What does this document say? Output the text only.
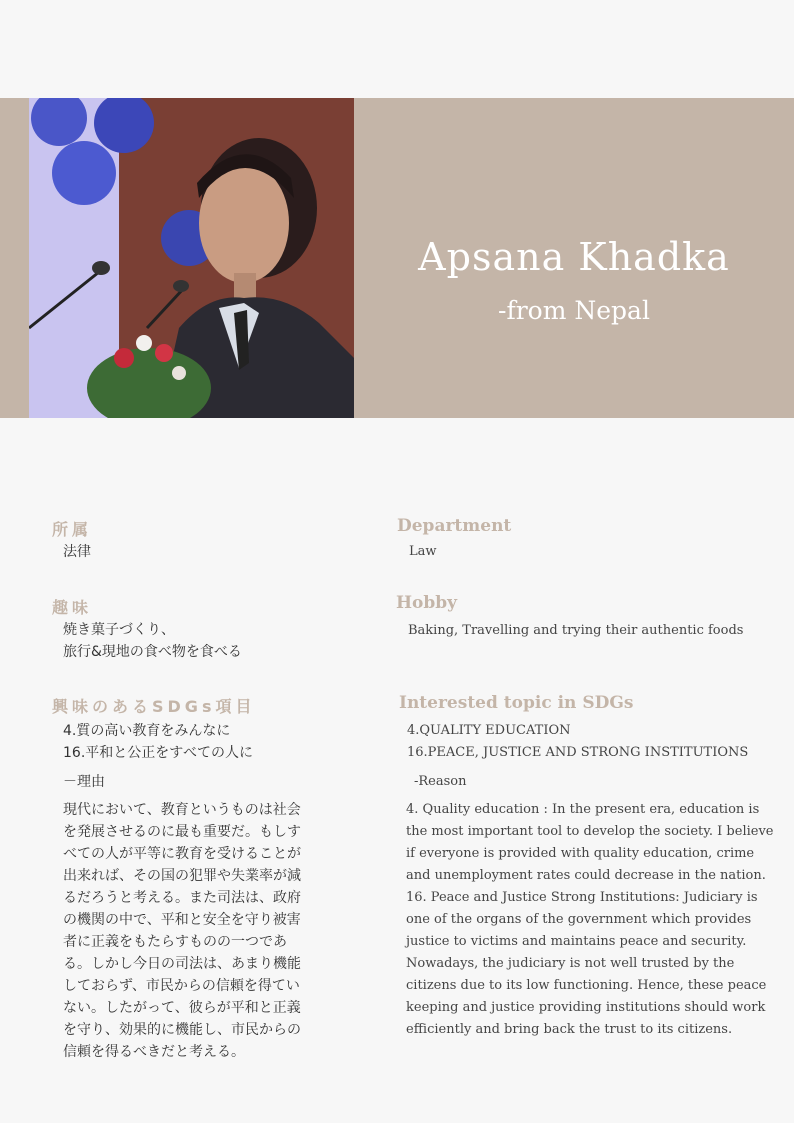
Apsana Khadka
-from Nepal
所属
法律
Department
Law
趣味
焼き菓子づくり、
旅行&現地の食べ物を食べる
Hobby
Baking, Travelling and trying their authentic foods
興味のあるSDGs項目
4.質の高い教育をみんなに
16.平和と公正をすべての人に
－理由
現代において、教育というものは社会
を発展させるのに最も重要だ。もしす
べての人が平等に教育を受けることが
出来れば、その国の犯罪や失業率が減
るだろうと考える。また司法は、政府
の機関の中で、平和と安全を守り被害
者に正義をもたらすものの一つであ
る。しかし今日の司法は、あまり機能
しておらず、市民からの信頼を得てい
ない。したがって、彼らが平和と正義
を守り、効果的に機能し、市民からの
信頼を得るべきだと考える。
Interested topic in SDGs
4.QUALITY EDUCATION
16.PEACE, JUSTICE AND STRONG INSTITUTIONS
-Reason
4. Quality education : In the present era, education is
the most important tool to develop the society. I believe
if everyone is provided with quality education, crime
and unemployment rates could decrease in the nation.
16. Peace and Justice Strong Institutions: Judiciary is
one of the organs of the government which provides
justice to victims and maintains peace and security.
Nowadays, the judiciary is not well trusted by the
citizens due to its low functioning. Hence, these peace
keeping and justice providing institutions should work
efficiently and bring back the trust to its citizens.
